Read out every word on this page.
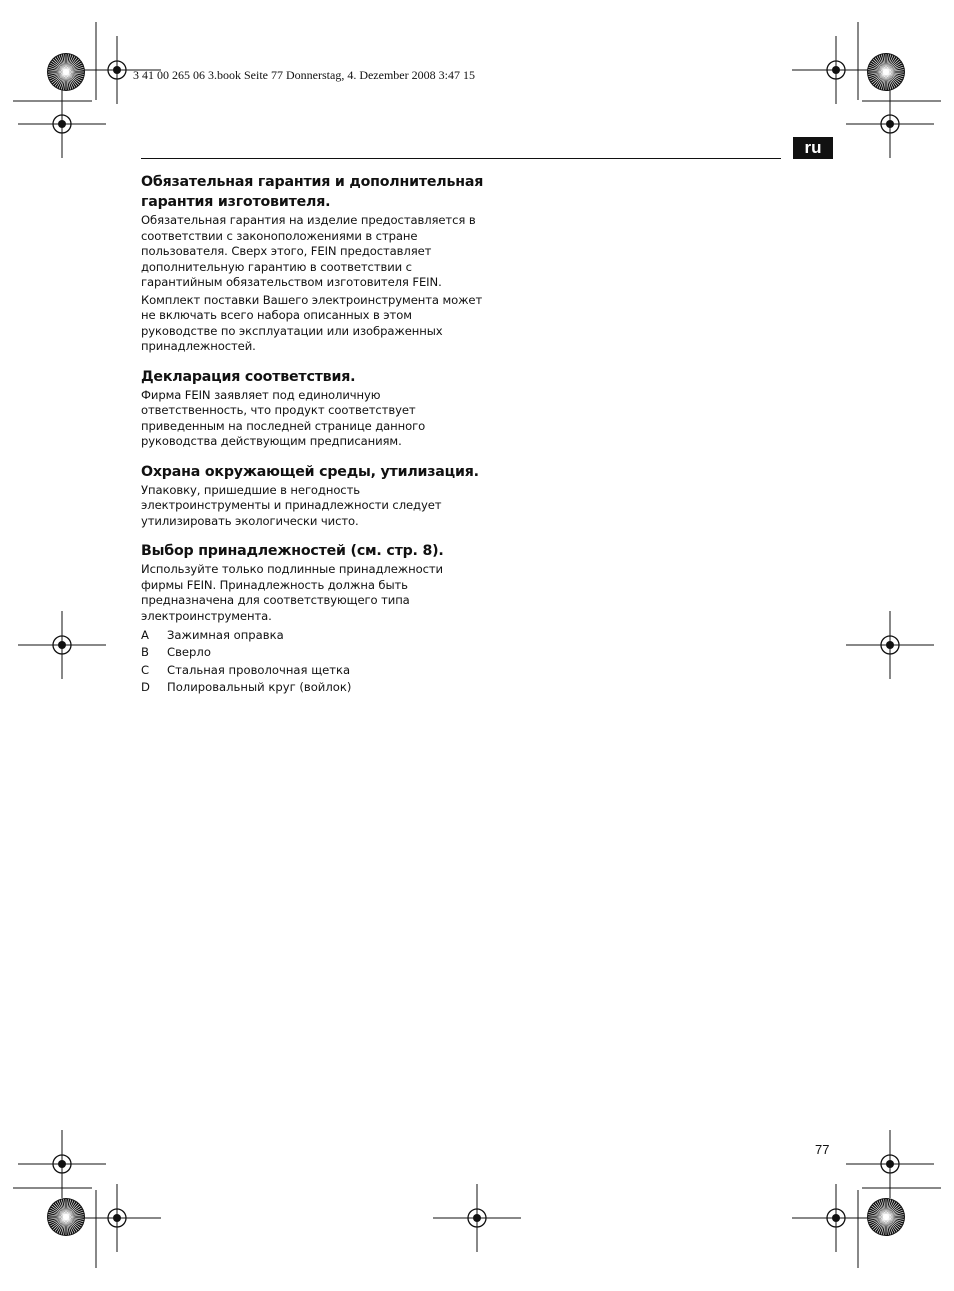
3 41 00 265 06 3.book Seite 77 Donnerstag, 4. Dezember 2008 3:47 15
ru
Обязательная гарантия и дополнительная гарантия изготовителя.

Обязательная гарантия на изделие предоставляется в соответствии с законоположениями в стране пользователя. Сверх этого, FEIN предоставляет дополнительную гарантию в соответствии с гарантийным обязательством изготовителя FEIN.

Комплект поставки Вашего электроинструмента может не включать всего набора описанных в этом руководстве по эксплуатации или изображенных принадлежностей.

Декларация соответствия.

Фирма FEIN заявляет под единоличную ответственность, что продукт соответствует приведенным на последней странице данного руководства действующим предписаниям.

Охрана окружающей среды, утилизация.

Упаковку, пришедшие в негодность электроинструменты и принадлежности следует утилизировать экологически чисто.

Выбор принадлежностей (см. стр. 8).

Используйте только подлинные принадлежности фирмы FEIN. Принадлежность должна быть предназначена для соответствующего типа электроинструмента.

A	Зажимная оправка
B	Сверло
C	Стальная проволочная щетка
D	Полировальный круг (войлок)
77
